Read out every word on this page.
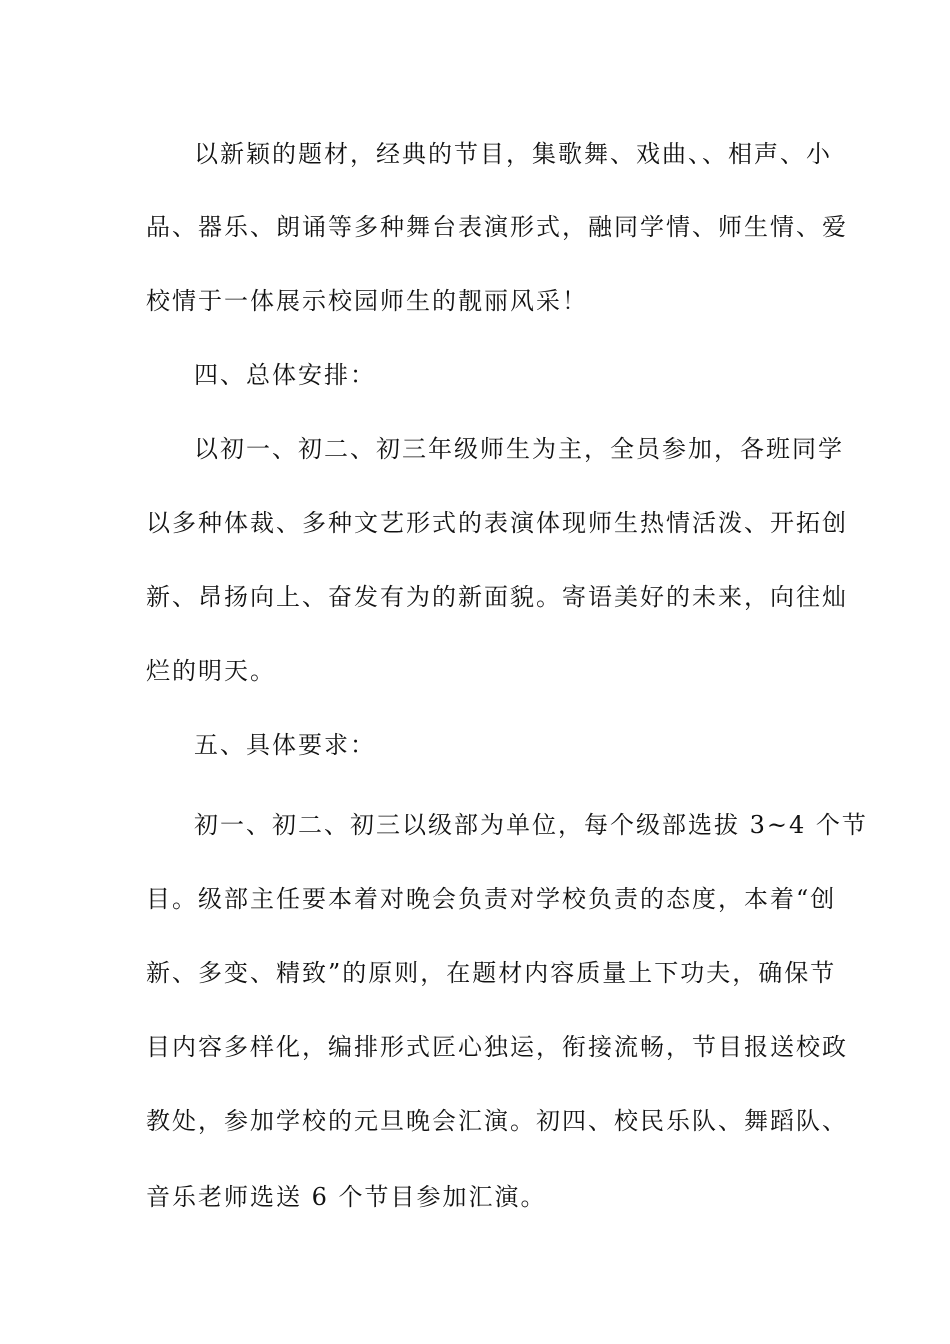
以新颖的题材，经典的节目，集歌舞、戏曲、、相声、小
品、器乐、朗诵等多种舞台表演形式，融同学情、师生情、爱
校情于一体展示校园师生的靓丽风采！
四、总体安排：
以初一、初二、初三年级师生为主，全员参加，各班同学
以多种体裁、多种文艺形式的表演体现师生热情活泼、开拓创
新、昂扬向上、奋发有为的新面貌。寄语美好的未来，向往灿
烂的明天。
五、具体要求：
初一、初二、初三以级部为单位，每个级部选拔 3~4 个节
目。级部主任要本着对晚会负责对学校负责的态度，本着“创
新、多变、精致”的原则，在题材内容质量上下功夫，确保节
目内容多样化，编排形式匠心独运，衔接流畅，节目报送校政
教处，参加学校的元旦晚会汇演。初四、校民乐队、舞蹈队、
音乐老师选送 6 个节目参加汇演。
